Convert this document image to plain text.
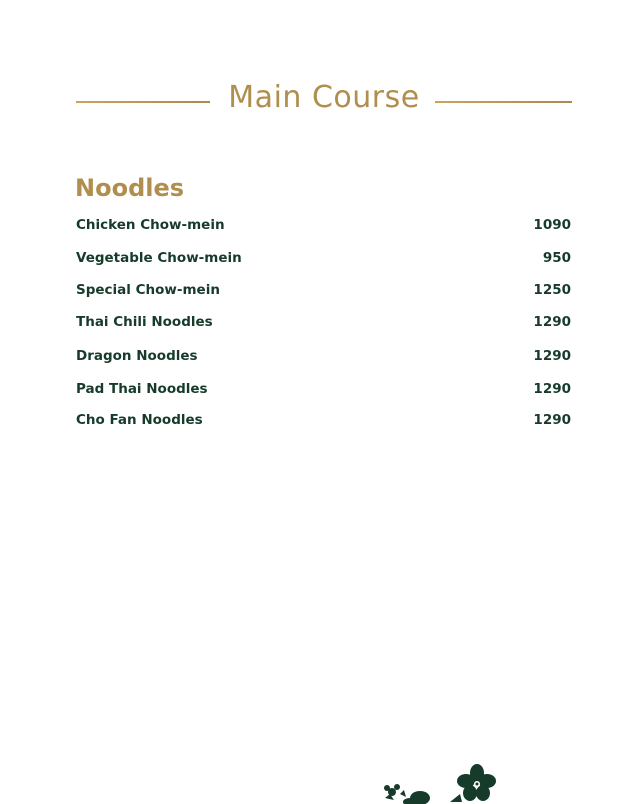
Main Course
Noodles
Chicken Chow-mein	1090
Vegetable Chow-mein	950
Special Chow-mein	1250
Thai Chili Noodles	1290
Dragon Noodles	1290
Pad Thai Noodles	1290
Cho Fan Noodles	1290
